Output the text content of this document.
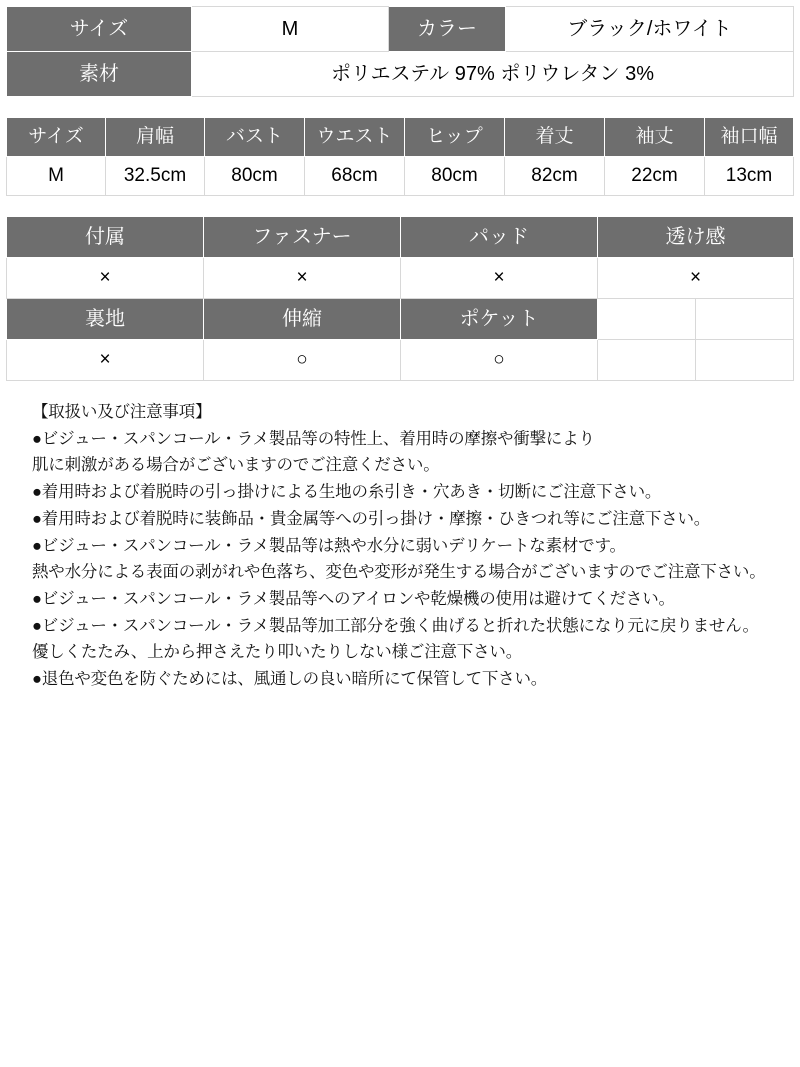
サイズ	M	カラー	ブラック/ホワイト
素材	ポリエステル 97% ポリウレタン 3%		
サイズ	肩幅	バスト	ウエスト	ヒップ	着丈	袖丈	袖口幅
M	32.5cm	80cm	68cm	80cm	82cm	22cm	13cm
付属	ファスナー	パッド	透け感	
×	×	×	×	
裏地	伸縮	ポケット		
×	○	○		
【取扱い及び注意事項】
●ビジュー・スパンコール・ラメ製品等の特性上、着用時の摩擦や衝撃により
肌に刺激がある場合がございますのでご注意ください。
●着用時および着脱時の引っ掛けによる生地の糸引き・穴あき・切断にご注意下さい。
●着用時および着脱時に装飾品・貴金属等への引っ掛け・摩擦・ひきつれ等にご注意下さい。
●ビジュー・スパンコール・ラメ製品等は熱や水分に弱いデリケートな素材です。
熱や水分による表面の剥がれや色落ち、変色や変形が発生する場合がございますのでご注意下さい。
●ビジュー・スパンコール・ラメ製品等へのアイロンや乾燥機の使用は避けてください。
●ビジュー・スパンコール・ラメ製品等加工部分を強く曲げると折れた状態になり元に戻りません。
優しくたたみ、上から押さえたり叩いたりしない様ご注意下さい。
●退色や変色を防ぐためには、風通しの良い暗所にて保管して下さい。
